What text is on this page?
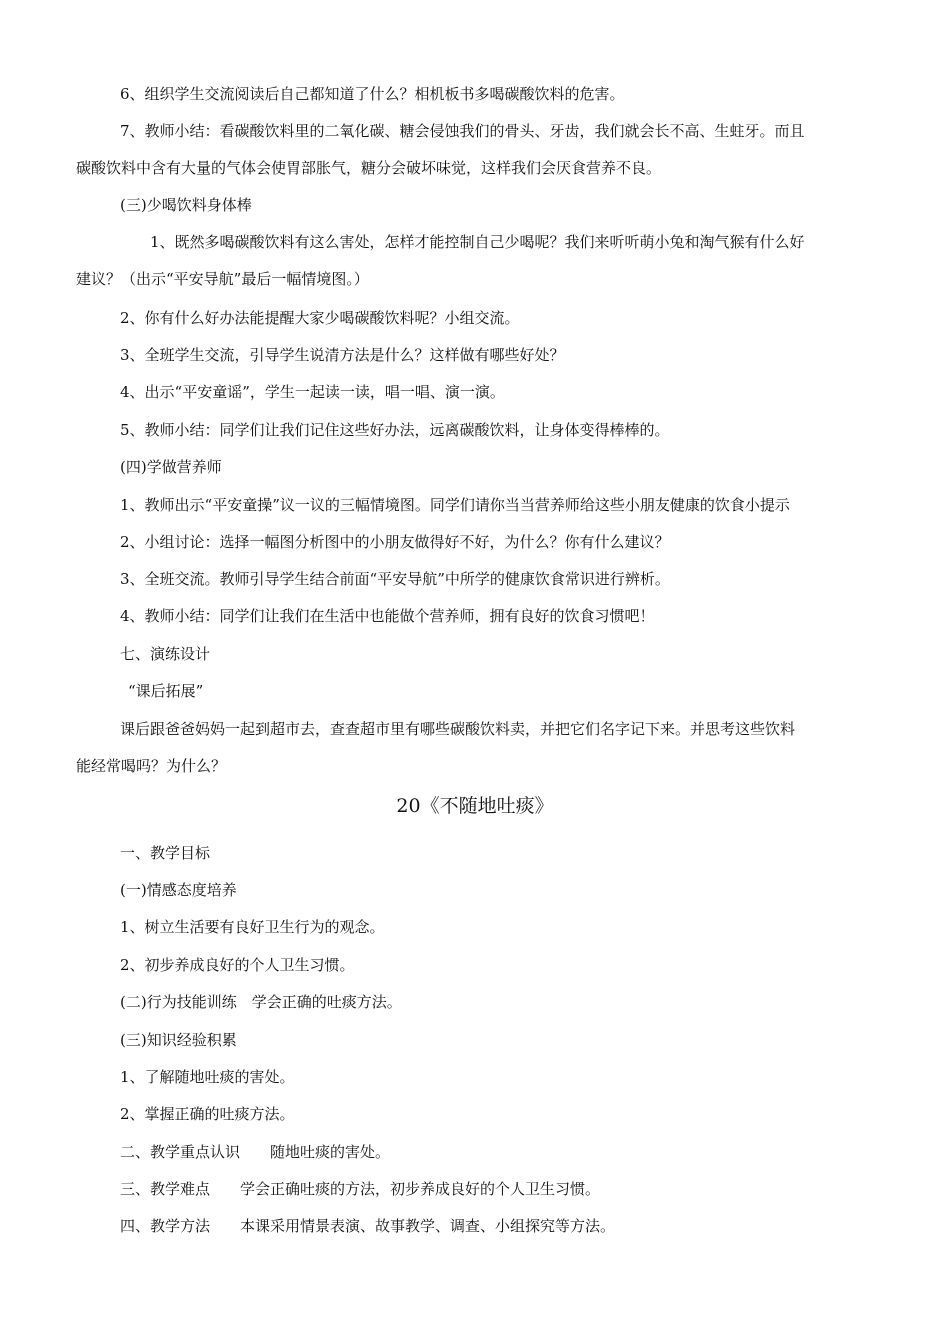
6、组织学生交流阅读后自己都知道了什么？相机板书多喝碳酸饮料的危害。
7、教师小结：看碳酸饮料里的二氧化碳、糖会侵蚀我们的骨头、牙齿，我们就会长不高、生蛀牙。而且
碳酸饮料中含有大量的气体会使胃部胀气，糖分会破坏味觉，这样我们会厌食营养不良。
(三)少喝饮料身体棒
1、既然多喝碳酸饮料有这么害处，怎样才能控制自己少喝呢？我们来听听萌小兔和淘气猴有什么好
建议？（出示“平安导航”最后一幅情境图。）
2、你有什么好办法能提醒大家少喝碳酸饮料呢？小组交流。
3、全班学生交流，引导学生说清方法是什么？这样做有哪些好处？
4、出示“平安童谣”，学生一起读一读，唱一唱、演一演。
5、教师小结：同学们让我们记住这些好办法，远离碳酸饮料，让身体变得棒棒的。
(四)学做营养师
1、教师出示“平安童操”议一议的三幅情境图。同学们请你当当营养师给这些小朋友健康的饮食小提示
2、小组讨论：选择一幅图分析图中的小朋友做得好不好，为什么？你有什么建议？
3、全班交流。教师引导学生结合前面“平安导航”中所学的健康饮食常识进行辨析。
4、教师小结：同学们让我们在生活中也能做个营养师，拥有良好的饮食习惯吧！
七、演练设计
“课后拓展”
课后跟爸爸妈妈一起到超市去，查查超市里有哪些碳酸饮料卖，并把它们名字记下来。并思考这些饮料
能经常喝吗？为什么？
20《不随地吐痰》
一、教学目标
(一)情感态度培养
1、树立生活要有良好卫生行为的观念。
2、初步养成良好的个人卫生习惯。
(二)行为技能训练　学会正确的吐痰方法。
(三)知识经验积累
1、了解随地吐痰的害处。
2、掌握正确的吐痰方法。
二、教学重点认识　　随地吐痰的害处。
三、教学难点　　学会正确吐痰的方法，初步养成良好的个人卫生习惯。
四、教学方法　　本课采用情景表演、故事教学、调查、小组探究等方法。
